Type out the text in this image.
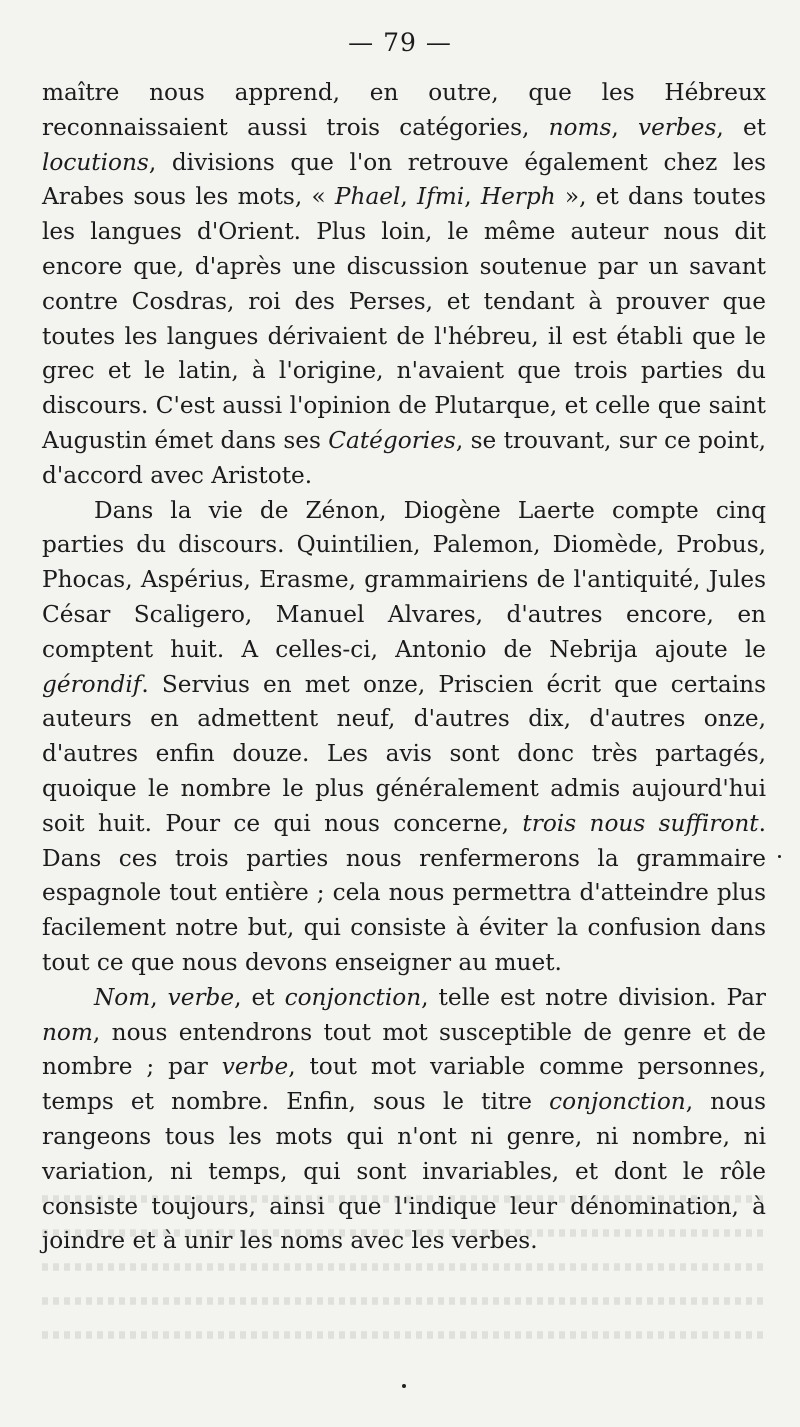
— 79 —

maître nous apprend, en outre, que les Hébreux reconnaissaient aussi trois catégories, noms, verbes, et locutions, divisions que l'on retrouve également chez les Arabes sous les mots, « Phael, Ifmi, Herph », et dans toutes les langues d'Orient. Plus loin, le même auteur nous dit encore que, d'après une discussion soutenue par un savant contre Cosdras, roi des Perses, et tendant à prouver que toutes les langues dérivaient de l'hébreu, il est établi que le grec et le latin, à l'origine, n'avaient que trois parties du discours. C'est aussi l'opinion de Plutarque, et celle que saint Augustin émet dans ses Catégories, se trouvant, sur ce point, d'accord avec Aristote.

Dans la vie de Zénon, Diogène Laerte compte cinq parties du discours. Quintilien, Palemon, Diomède, Probus, Phocas, Aspérius, Erasme, grammairiens de l'antiquité, Jules César Scaligero, Manuel Alvares, d'autres encore, en comptent huit. A celles-ci, Antonio de Nebrija ajoute le gérondif. Servius en met onze, Priscien écrit que certains auteurs en admettent neuf, d'autres dix, d'autres onze, d'autres enfin douze. Les avis sont donc très partagés, quoique le nombre le plus généralement admis aujourd'hui soit huit. Pour ce qui nous concerne, trois nous suffiront. Dans ces trois parties nous renfermerons la grammaire espagnole tout entière ; cela nous permettra d'atteindre plus facilement notre but, qui consiste à éviter la confusion dans tout ce que nous devons enseigner au muet.

Nom, verbe, et conjonction, telle est notre division. Par nom, nous entendrons tout mot susceptible de genre et de nombre ; par verbe, tout mot variable comme personnes, temps et nombre. Enfin, sous le titre conjonction, nous rangeons tous les mots qui n'ont ni genre, ni nombre, ni variation, ni temps, qui sont invariables, et dont le rôle consiste toujours, ainsi que l'indique leur dénomination, à joindre et à unir les noms avec les verbes.
